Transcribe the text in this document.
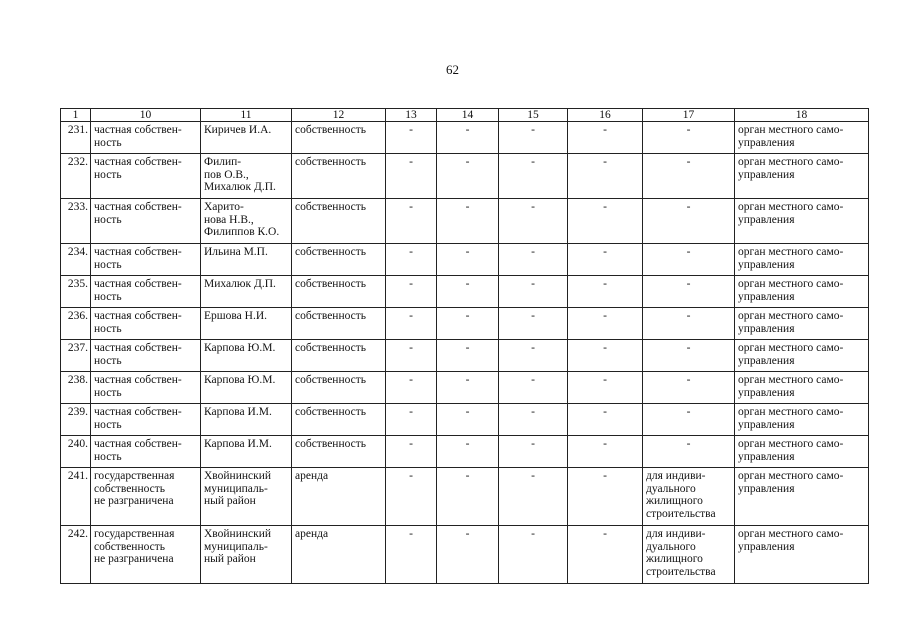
62
1	10	11	12	13	14	15	16	17	18
231.	частная собствен-
ность	Киричев И.А.	собственность	-	-	-	-	-	орган местного само-
управления

232.	частная собствен-
ность	Филип-
пов О.В.,
Михалюк Д.П.	собственность	-	-	-	-	-	орган местного само-
управления

233.	частная собствен-
ность	Харито-
нова Н.В.,
Филиппов К.О.	собственность	-	-	-	-	-	орган местного само-
управления

234.	частная собствен-
ность	Ильина М.П.	собственность	-	-	-	-	-	орган местного само-
управления

235.	частная собствен-
ность	Михалюк Д.П.	собственность	-	-	-	-	-	орган местного само-
управления

236.	частная собствен-
ность	Ершова Н.И.	собственность	-	-	-	-	-	орган местного само-
управления

237.	частная собствен-
ность	Карпова Ю.М.	собственность	-	-	-	-	-	орган местного само-
управления

238.	частная собствен-
ность	Карпова Ю.М.	собственность	-	-	-	-	-	орган местного само-
управления

239.	частная собствен-
ность	Карпова И.М.	собственность	-	-	-	-	-	орган местного само-
управления

240.	частная собствен-
ность	Карпова И.М.	собственность	-	-	-	-	-	орган местного само-
управления

241.	государственная
собственность
не разграничена	Хвойнинский
муниципаль-
ный район	аренда	-	-	-	-	для индиви-
дуального
жилищного
строительства	орган местного само-
управления

242.	государственная
собственность
не разграничена	Хвойнинский
муниципаль-
ный район	аренда	-	-	-	-	для индиви-
дуального
жилищного
строительства	орган местного само-
управления
